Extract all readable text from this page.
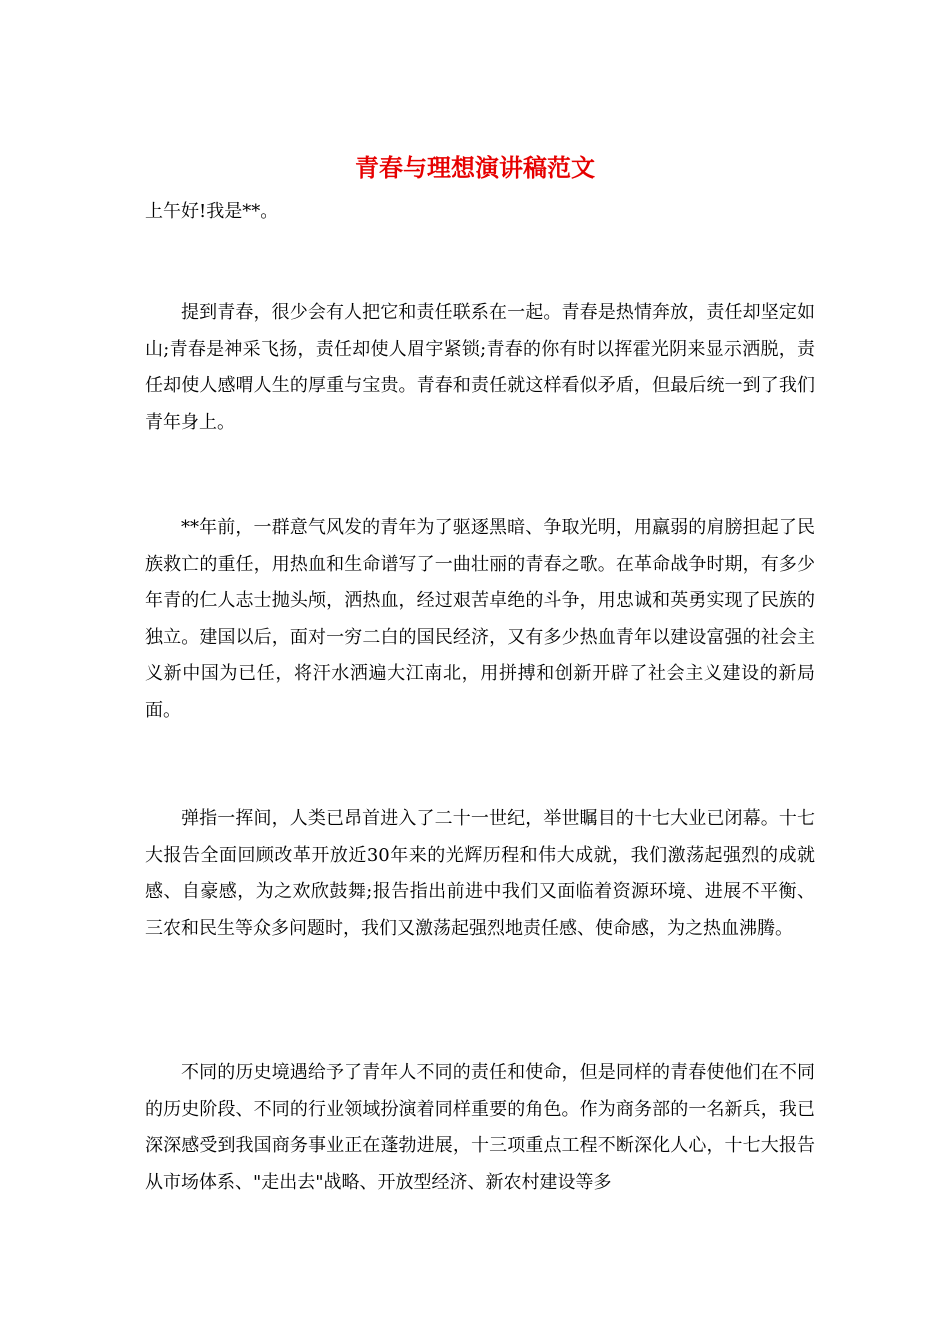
青春与理想演讲稿范文
上午好!我是**。

提到青春，很少会有人把它和责任联系在一起。青春是热情奔放，责任却坚定如山;青春是神采飞扬，责任却使人眉宇紧锁;青春的你有时以挥霍光阴来显示洒脱，责任却使人感喟人生的厚重与宝贵。青春和责任就这样看似矛盾，但最后统一到了我们青年身上。

**年前，一群意气风发的青年为了驱逐黑暗、争取光明，用羸弱的肩膀担起了民族救亡的重任，用热血和生命谱写了一曲壮丽的青春之歌。在革命战争时期，有多少年青的仁人志士抛头颅，洒热血，经过艰苦卓绝的斗争，用忠诚和英勇实现了民族的独立。建国以后，面对一穷二白的国民经济，又有多少热血青年以建设富强的社会主义新中国为已任，将汗水洒遍大江南北，用拼搏和创新开辟了社会主义建设的新局面。

弹指一挥间，人类已昂首进入了二十一世纪，举世瞩目的十七大业已闭幕。十七大报告全面回顾改革开放近30年来的光辉历程和伟大成就，我们激荡起强烈的成就感、自豪感，为之欢欣鼓舞;报告指出前进中我们又面临着资源环境、进展不平衡、三农和民生等众多问题时，我们又激荡起强烈地责任感、使命感，为之热血沸腾。

不同的历史境遇给予了青年人不同的责任和使命，但是同样的青春使他们在不同的历史阶段、不同的行业领域扮演着同样重要的角色。作为商务部的一名新兵，我已深深感受到我国商务事业正在蓬勃进展，十三项重点工程不断深化人心，十七大报告从市场体系、"走出去"战略、开放型经济、新农村建设等多
